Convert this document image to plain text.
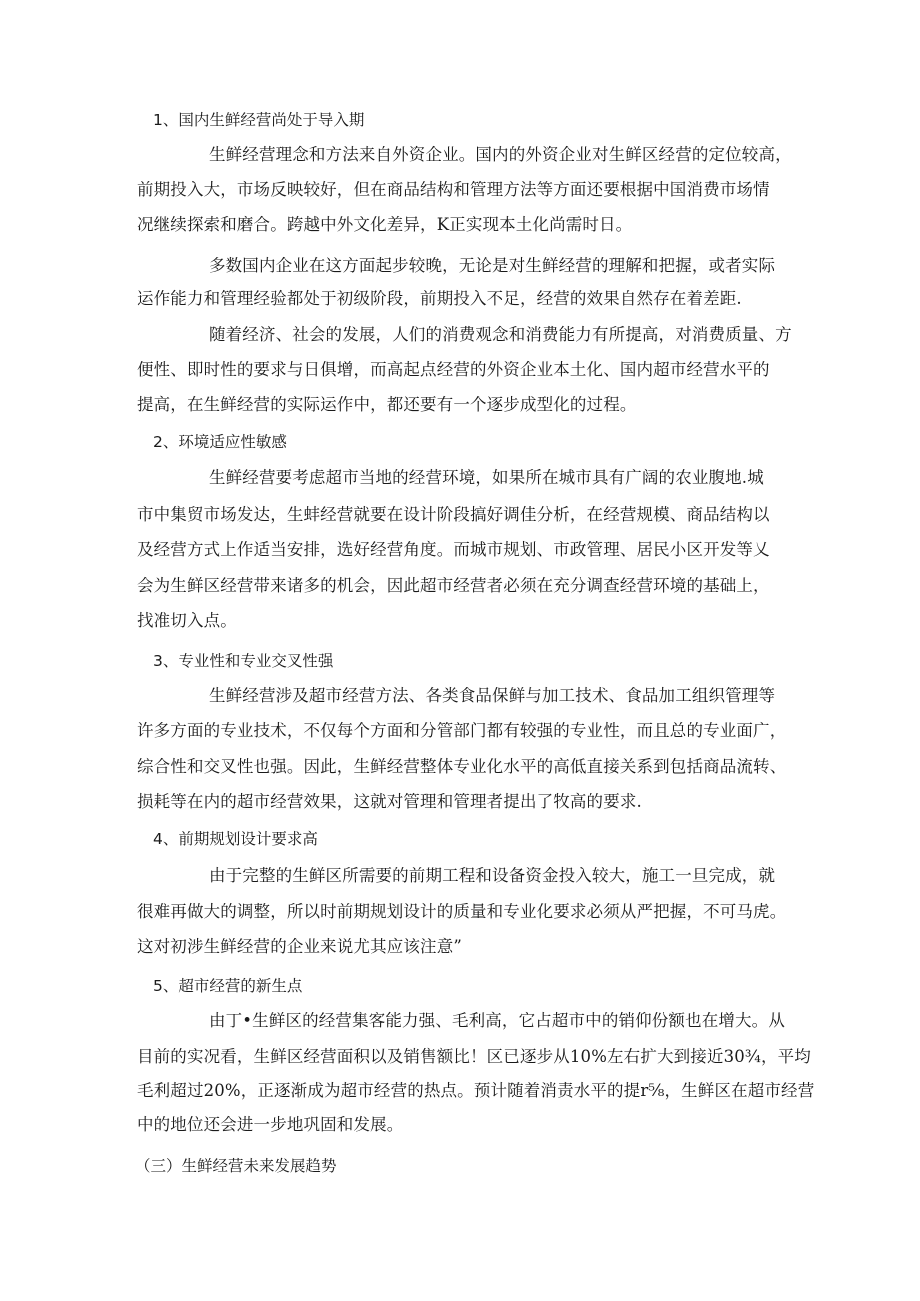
1、国内生鲜经营尚处于导入期
生鲜经营理念和方法来自外资企业。国内的外资企业对生鲜区经营的定位较高，
前期投入大，市场反映较好，但在商品结构和管理方法等方面还要根据中国消费市场情
况继续探索和磨合。跨越中外文化差异，K正实现本土化尚需时日。
多数国内企业在这方面起步较晚，无论是对生鲜经营的理解和把握，或者实际
运作能力和管理经验都处于初级阶段，前期投入不足，经营的效果自然存在着差距.
随着经济、社会的发展，人们的消费观念和消费能力有所提高，对消费质量、方
便性、即时性的要求与日俱增，而高起点经营的外资企业本土化、国内超市经营水平的
提高，在生鲜经营的实际运作中，都还要有一个逐步成型化的过程。
2、环境适应性敏感
生鲜经营要考虑超市当地的经营环境，如果所在城市具有广阔的农业腹地.城
市中集贸市场发达，生蚌经营就要在设计阶段搞好调佳分析，在经营规模、商品结构以
及经营方式上作适当安排，选好经营角度。而城市规划、市政管理、居民小区开发等乂
会为生鲜区经营带来诸多的机会，因此超市经营者必须在充分调查经营环境的基础上，
找准切入点。
3、专业性和专业交叉性强
生鲜经营涉及超市经营方法、各类食品保鲜与加工技术、食品加工组织管理等
许多方面的专业技术，不仅每个方面和分管部门都有较强的专业性，而且总的专业面广，
综合性和交叉性也强。因此，生鲜经营整体专业化水平的高低直接关系到包括商品流转、
损耗等在内的超市经营效果，这就对管理和管理者提出了牧高的要求.
4、前期规划设计要求高
由于完整的生鲜区所需要的前期工程和设备资金投入较大，施工一旦完成，就
很难再做大的调整，所以时前期规划设计的质量和专业化要求必须从严把握，不可马虎。
这对初涉生鲜经营的企业来说尤其应该注意”
5、超市经营的新生点
由丁•生鲜区的经营集客能力强、毛利高，它占超市中的销仰份额也在增大。从
目前的实况看，生鲜区经营面积以及销售额比！区已逐步从10%左右扩大到接近30¾，平均
毛利超过20%，正逐渐成为超市经营的热点。预计随着消责水平的提r⅝，生鲜区在超市经营
中的地位还会进一步地巩固和发展。
（三）生鲜经营未来发展趋势
